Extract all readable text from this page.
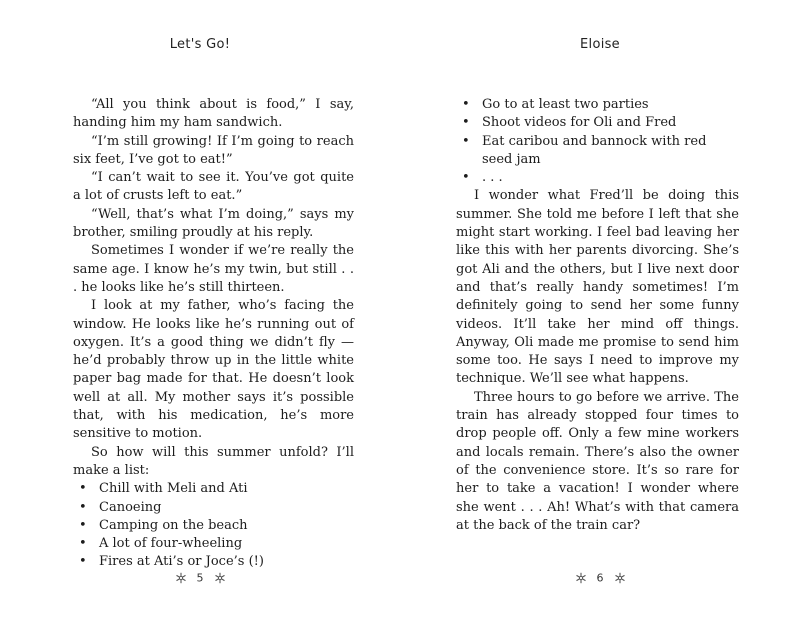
Let's Go!

“All you think about is food,” I say, handing him my ham sandwich.

“I’m still growing! If I’m going to reach six feet, I’ve got to eat!”

“I can’t wait to see it. You’ve got quite a lot of crusts left to eat.”

“Well, that’s what I’m doing,” says my brother, smiling proudly at his reply.

Sometimes I wonder if we’re really the same age. I know he’s my twin, but still . . . he looks like he’s still thirteen.

I look at my father, who’s facing the window. He looks like he’s running out of oxygen. It’s a good thing we didn’t fly — he’d probably throw up in the little white paper bag made for that. He doesn’t look well at all. My mother says it’s possible that, with his medication, he’s more sensitive to motion.

So how will this summer unfold? I’ll make a list:

• Chill with Meli and Ati
• Canoeing
• Camping on the beach
• A lot of four-wheeling
• Fires at Ati’s or Joce’s (!)
5
Eloise
• Go to at least two parties
• Shoot videos for Oli and Fred
• Eat caribou and bannock with red seed jam
• . . .

I wonder what Fred’ll be doing this summer. She told me before I left that she might start working. I feel bad leaving her like this with her parents divorcing. She’s got Ali and the others, but I live next door and that’s really handy sometimes! I’m definitely going to send her some funny videos. It’ll take her mind off things. Anyway, Oli made me promise to send him some too. He says I need to improve my technique. We’ll see what happens.

Three hours to go before we arrive. The train has already stopped four times to drop people off. Only a few mine workers and locals remain. There’s also the owner of the convenience store. It’s so rare for her to take a vacation! I wonder where she went . . . Ah! What’s with that camera at the back of the train car?

6
